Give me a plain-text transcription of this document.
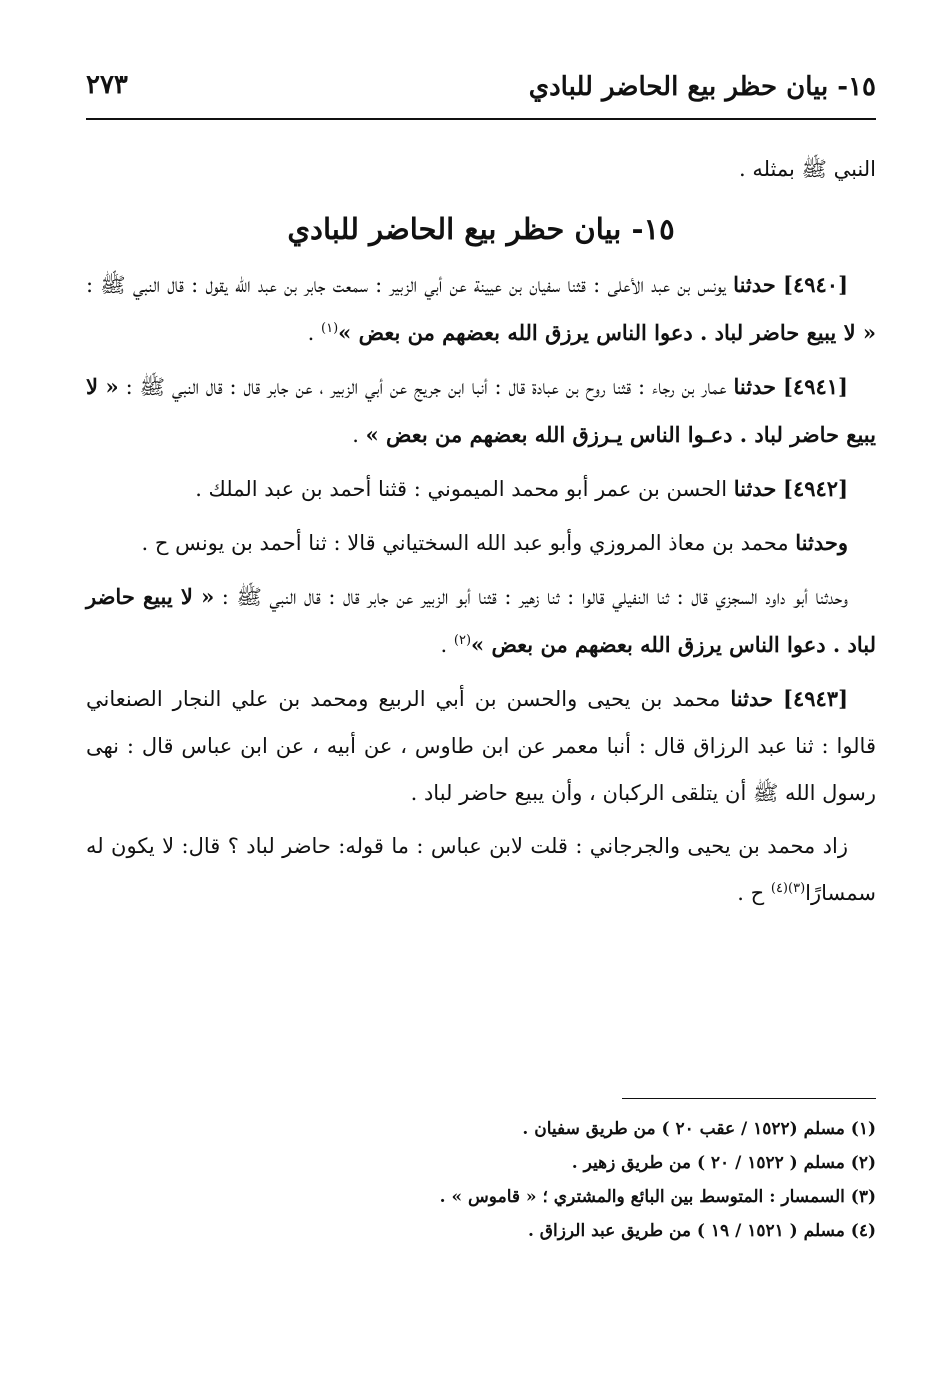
١٥- بيان حظر بيع الحاضر للبادي
٢٧٣

النبي ﷺ بمثله .

١٥- بيان حظر بيع الحاضر للبادي

[٤٩٤٠] حدثنا يونس بن عبد الأعلى : قثنا سفيان بن عيينة عن أبي الزبير : سمعت جابر بن عبد الله يقول : قال النبي ﷺ : « لا يبيع حاضر لباد . دعوا الناس يرزق الله بعضهم من بعض »$^{(١)}$ .

[٤٩٤١] حدثنا عمار بن رجاء : قثنا روح بن عبادة قال : أنبا ابن جريج عن أبي الزبير ، عن جابر قال : قال النبي ﷺ : « لا يبيع حاضر لباد . دعـوا الناس يـرزق الله بعضهم من بعض » .

[٤٩٤٢] حدثنا الحسن بن عمر أبو محمد الميموني : قثنا أحمد بن عبد الملك .

وحدثنا محمد بن معاذ المروزي وأبو عبد الله السختياني قالا : ثنا أحمد بن يونس ح .

وحدثنا أبو داود السجزي قال : ثنا النفيلي قالوا : ثنا زهير : قثنا أبو الزبير عن جابر قال : قال النبي ﷺ : « لا يبيع حاضر لباد . دعوا الناس يرزق الله بعضهم من بعض »$^{(٢)}$ .

[٤٩٤٣] حدثنا محمد بن يحيى والحسن بن أبي الربيع ومحمد بن علي النجار الصنعاني قالوا : ثنا عبد الرزاق قال : أنبا معمر عن ابن طاوس ، عن أبيه ، عن ابن عباس قال : نهى رسول الله ﷺ أن يتلقى الركبان ، وأن يبيع حاضر لباد .

زاد محمد بن يحيى والجرجاني : قلت لابن عباس : ما قوله: حاضر لباد ؟ قال: لا يكون له سمسارًا$^{(٣)(٤)}$ ح .

(١) مسلم (١٥٢٢ / عقب ٢٠ ) من طريق سفيان .
(٢) مسلم ( ١٥٢٢ / ٢٠ ) من طريق زهير .
(٣) السمسار : المتوسط بين البائع والمشتري ؛ « قاموس » .
(٤) مسلم ( ١٥٢١ / ١٩ ) من طريق عبد الرزاق .
